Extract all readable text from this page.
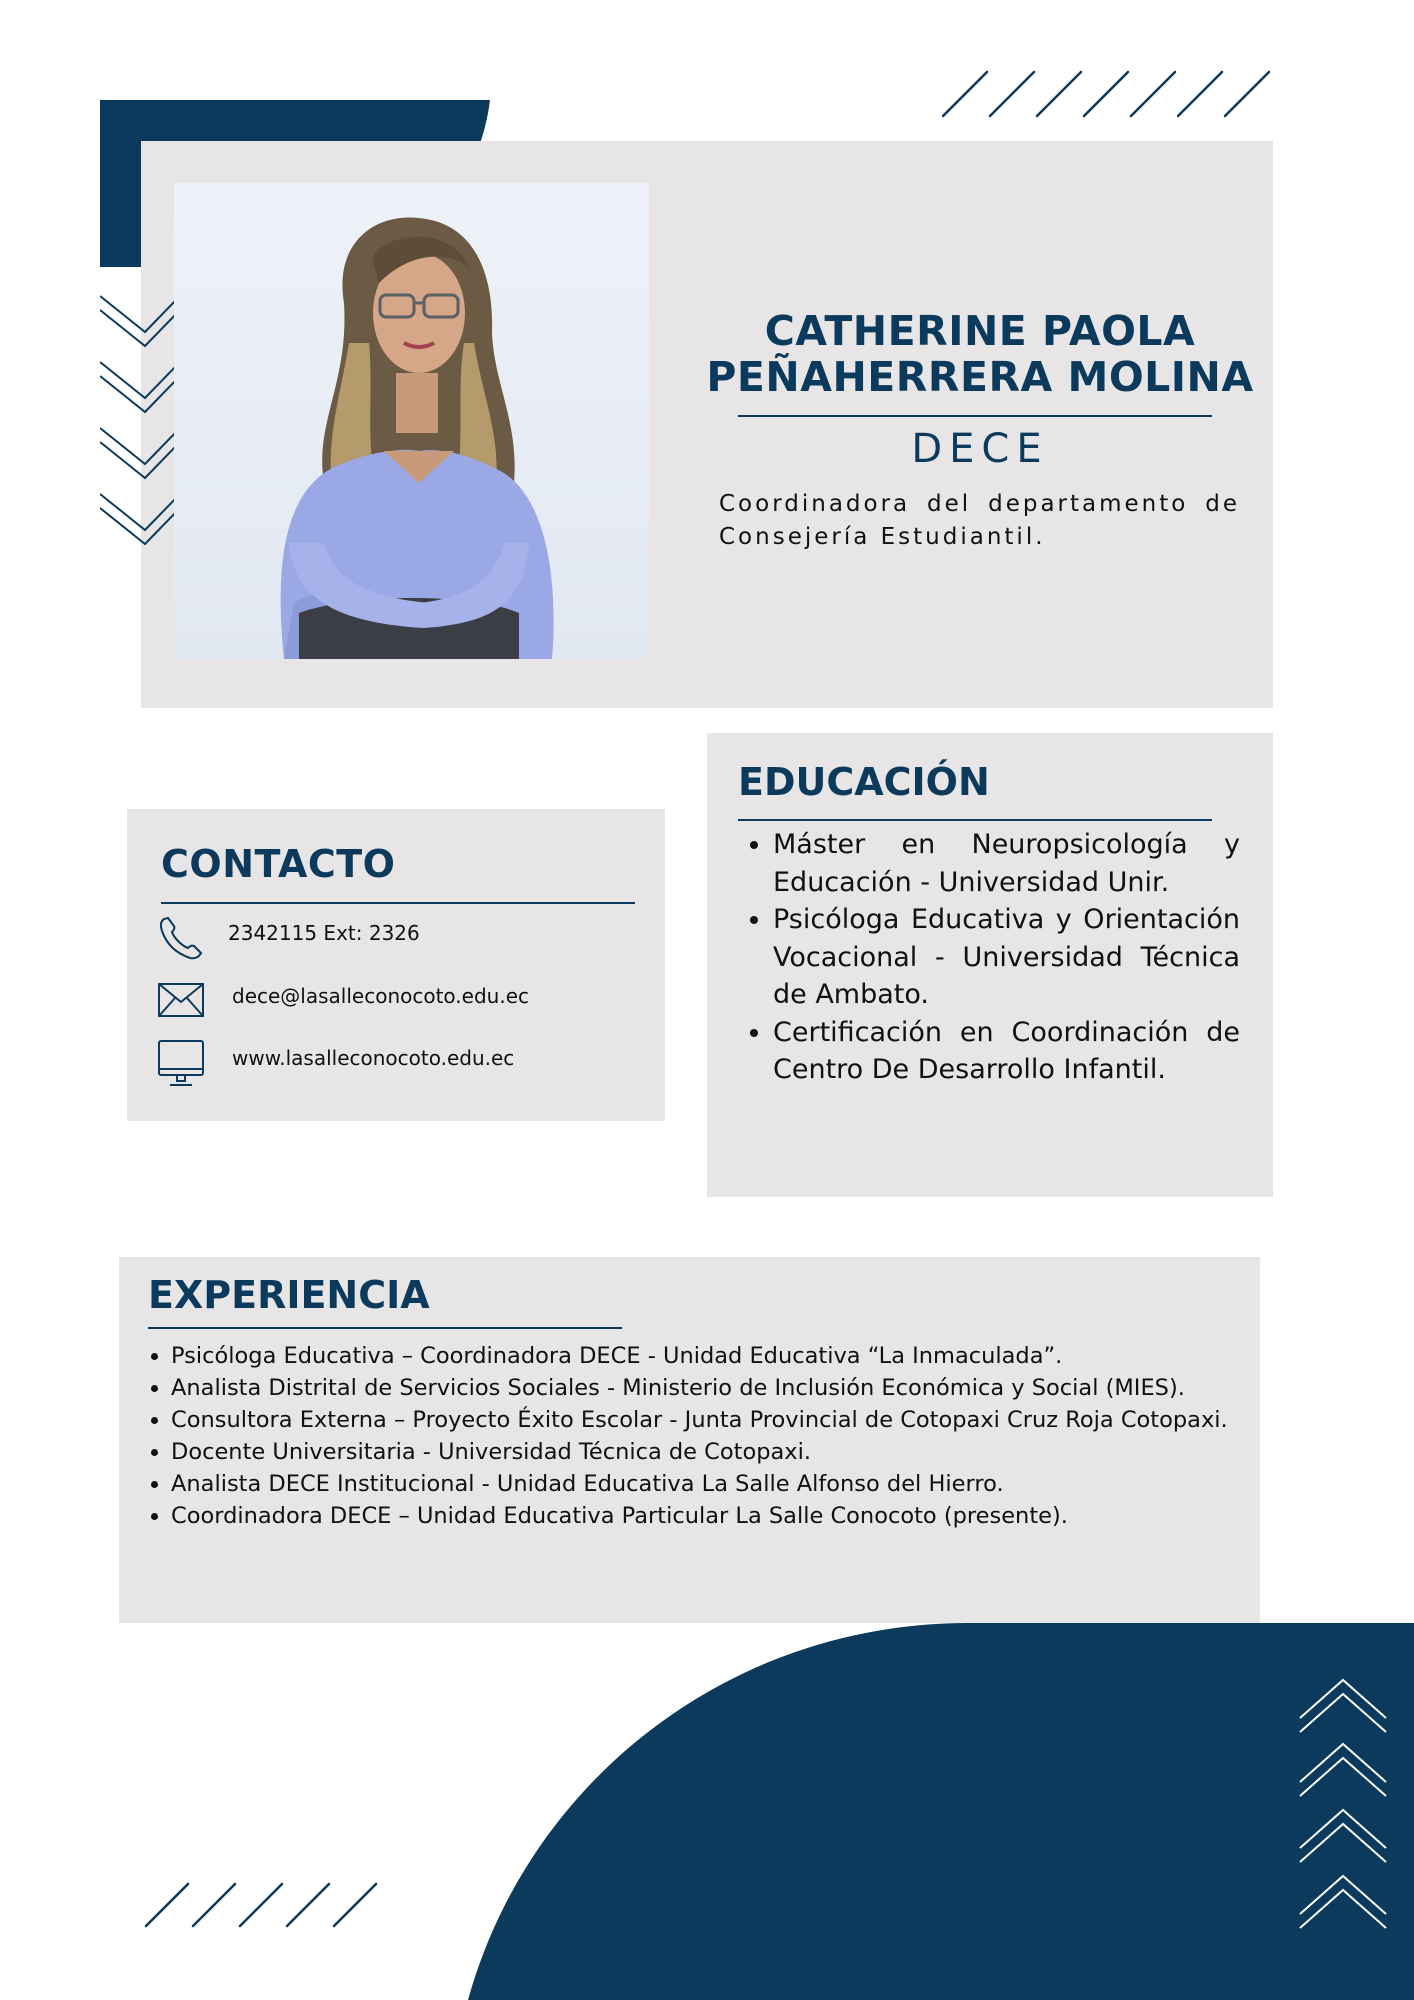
CATHERINE PAOLA PEÑAHERRERA MOLINA
DECE
Coordinadora del departamento de Consejería Estudiantil.
EDUCACIÓN
• Máster en Neuropsicología y Educación - Universidad Unir.
• Psicóloga Educativa y Orientación Vocacional - Universidad Técnica de Ambato.
• Certificación en Coordinación de Centro De Desarrollo Infantil.
CONTACTO
2342115 Ext: 2326
dece@lasalleconocoto.edu.ec
www.lasalleconocoto.edu.ec
EXPERIENCIA
• Psicóloga Educativa – Coordinadora DECE - Unidad Educativa “La Inmaculada”.
• Analista Distrital de Servicios Sociales - Ministerio de Inclusión Económica y Social (MIES).
• Consultora Externa – Proyecto Éxito Escolar - Junta Provincial de Cotopaxi Cruz Roja Cotopaxi.
• Docente Universitaria - Universidad Técnica de Cotopaxi.
• Analista DECE Institucional - Unidad Educativa La Salle Alfonso del Hierro.
• Coordinadora DECE – Unidad Educativa Particular La Salle Conocoto (presente).
